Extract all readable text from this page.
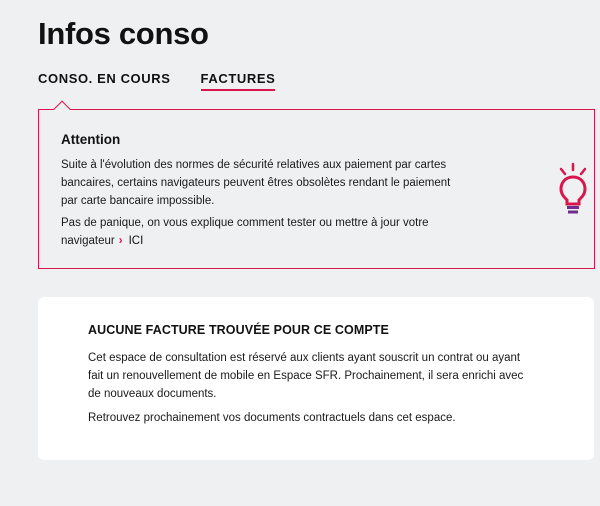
Infos conso
CONSO. EN COURS FACTURES
Attention

Suite à l'évolution des normes de sécurité relatives aux paiement par cartes bancaires, certains navigateurs peuvent êtres obsolètes rendant le paiement par carte bancaire impossible.

Pas de panique, on vous explique comment tester ou mettre à jour votre navigateur › ICI

AUCUNE FACTURE TROUVÉE POUR CE COMPTE

Cet espace de consultation est réservé aux clients ayant souscrit un contrat ou ayant fait un renouvellement de mobile en Espace SFR. Prochainement, il sera enrichi avec de nouveaux documents.

Retrouvez prochainement vos documents contractuels dans cet espace.
